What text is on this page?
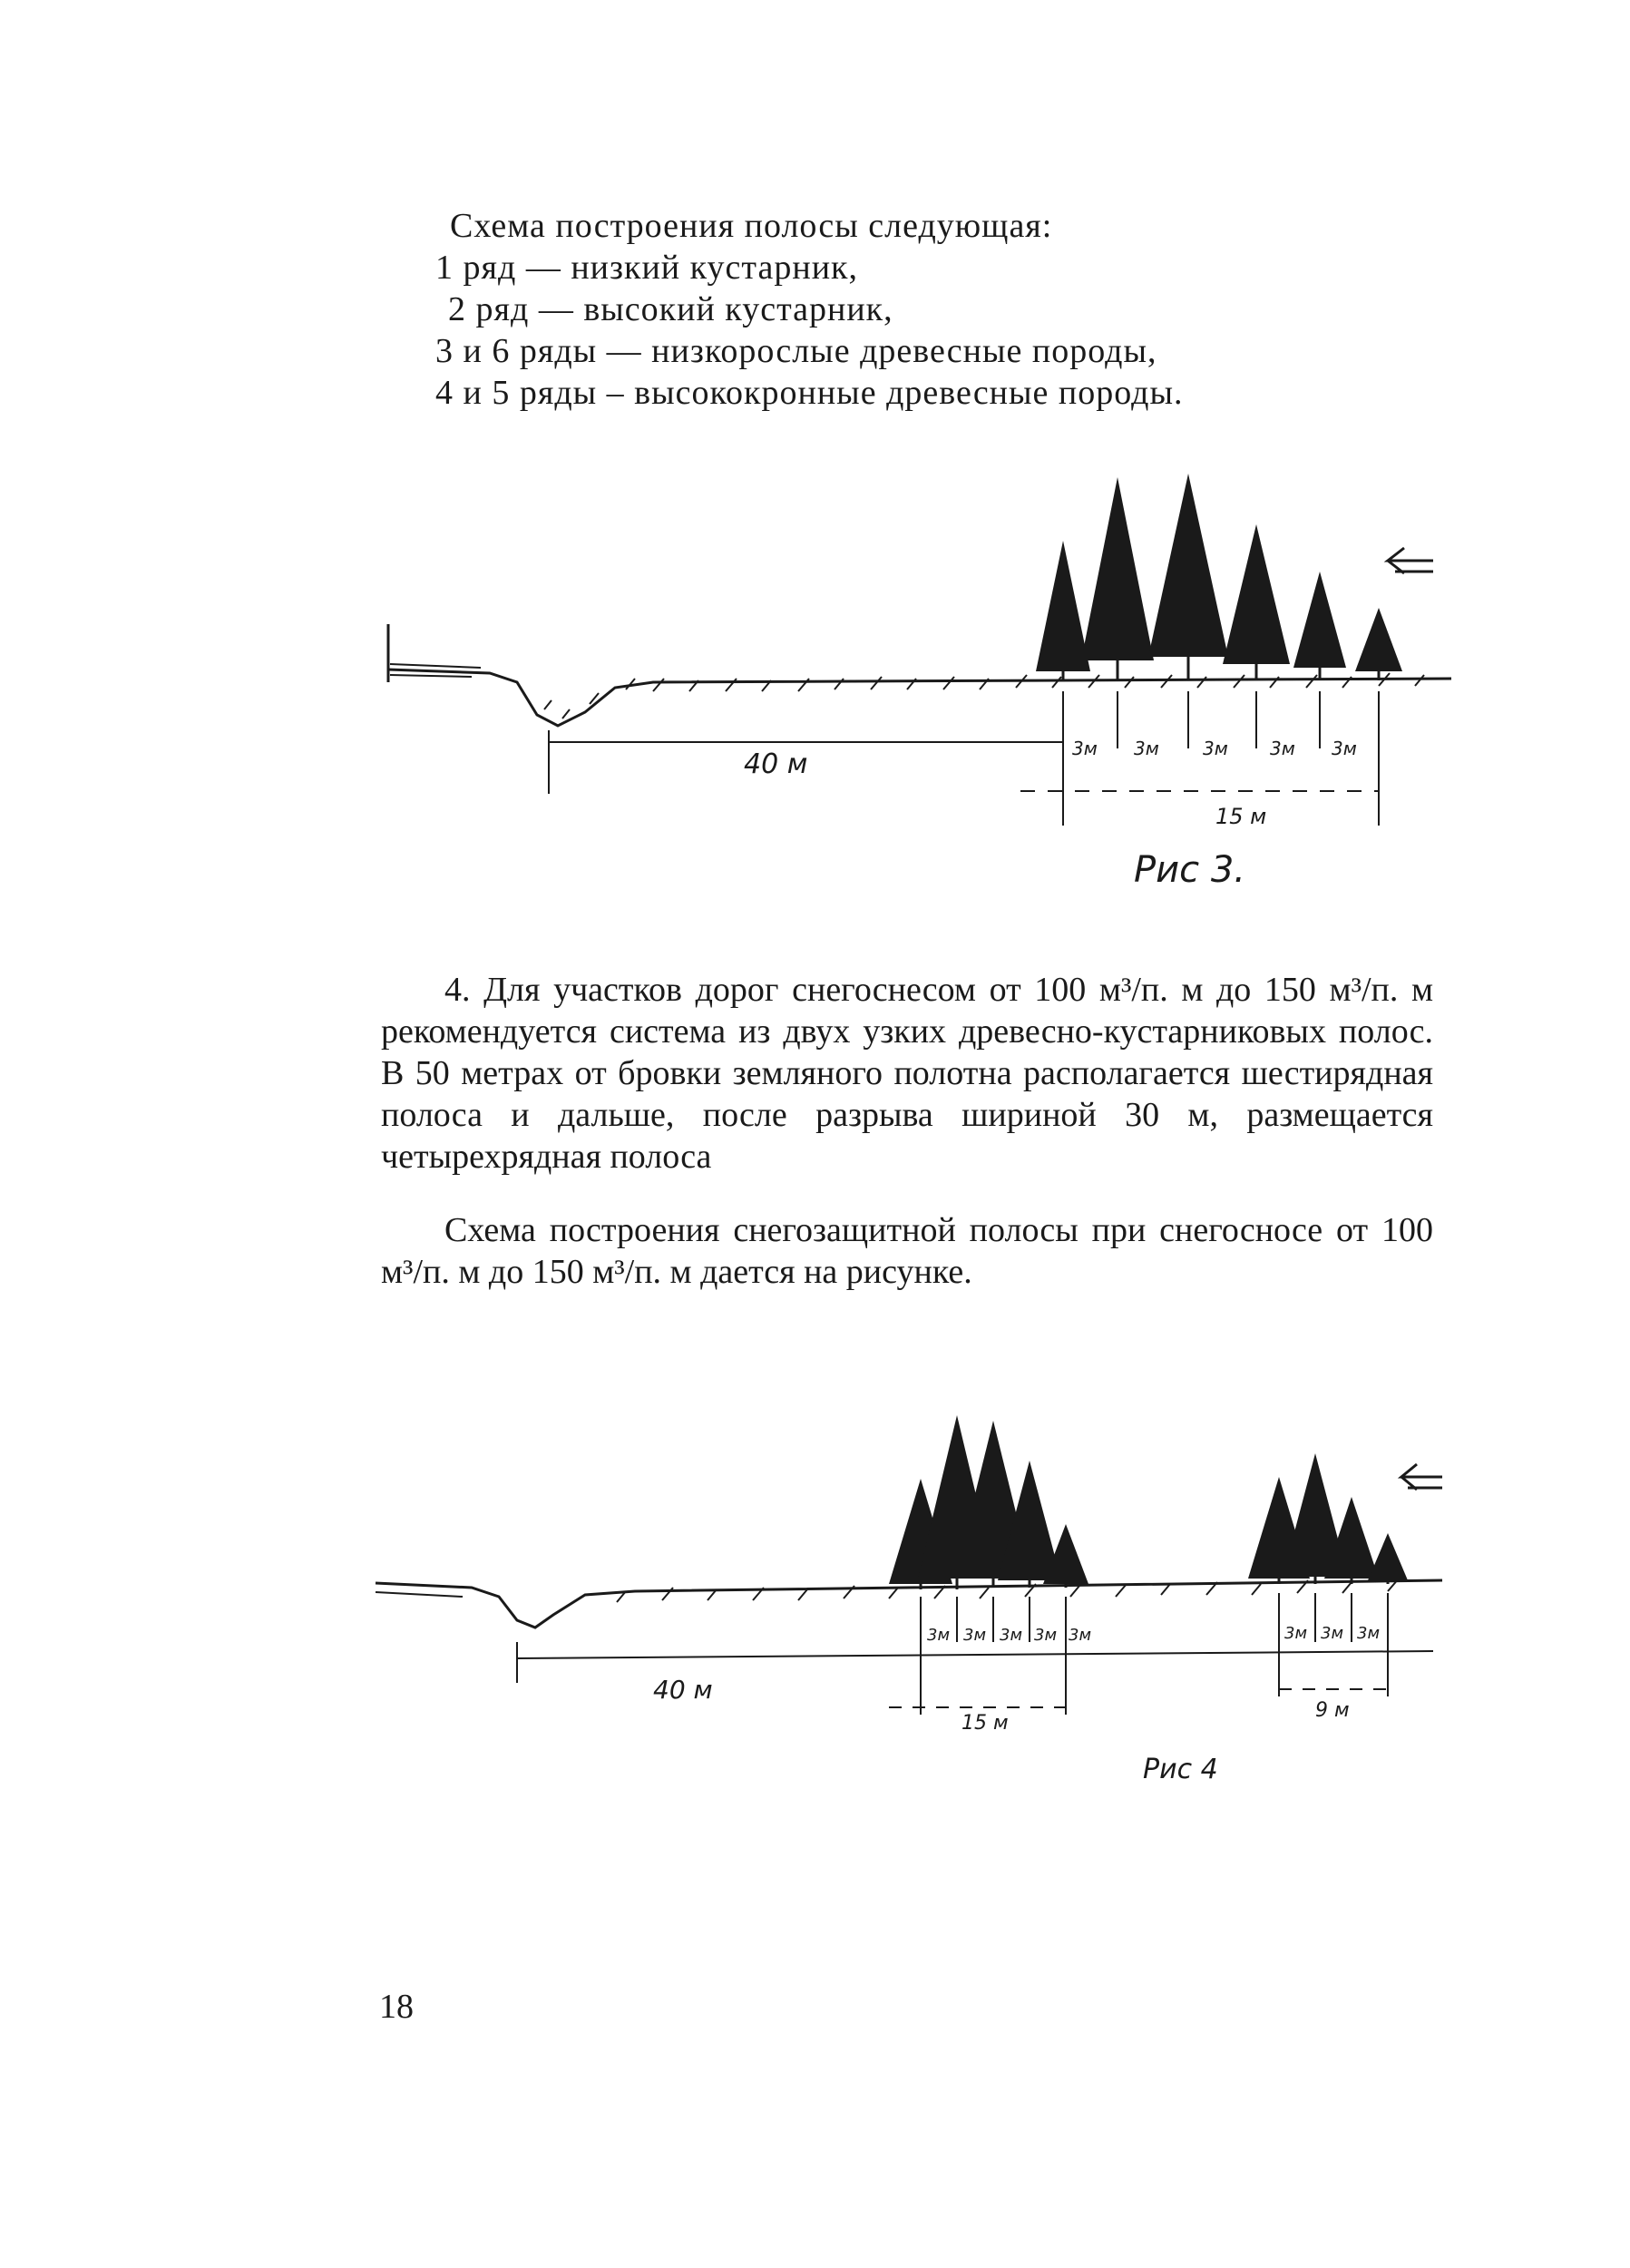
Схема построения полосы следующая:
1 ряд — низкий кустарник,
2 ряд — высокий кустарник,
3 и 6 ряды — низкорослые древесные породы,
4 и 5 ряды – высококронные древесные породы.
40 м	3м 3м 3м 3м 3м
15 м
Рис 3.

4. Для участков дорог снегоснесом от 100 м³/п. м до 150 м³/п. м рекомендуется система из двух узких древесно-кустарниковых полос. В 50 метрах от бровки земляного полотна располагается шестирядная полоса и дальше, после разрыва шириной 30 м, размещается четырехрядная полоса

Схема построения снегозащитной полосы при снегосносе от 100 м³/п. м до 150 м³/п. м дается на рисунке.

40 м
3м 3м 3м 3м 3м
15 м
3м 3м 3м
9 м
Рис 4
18
